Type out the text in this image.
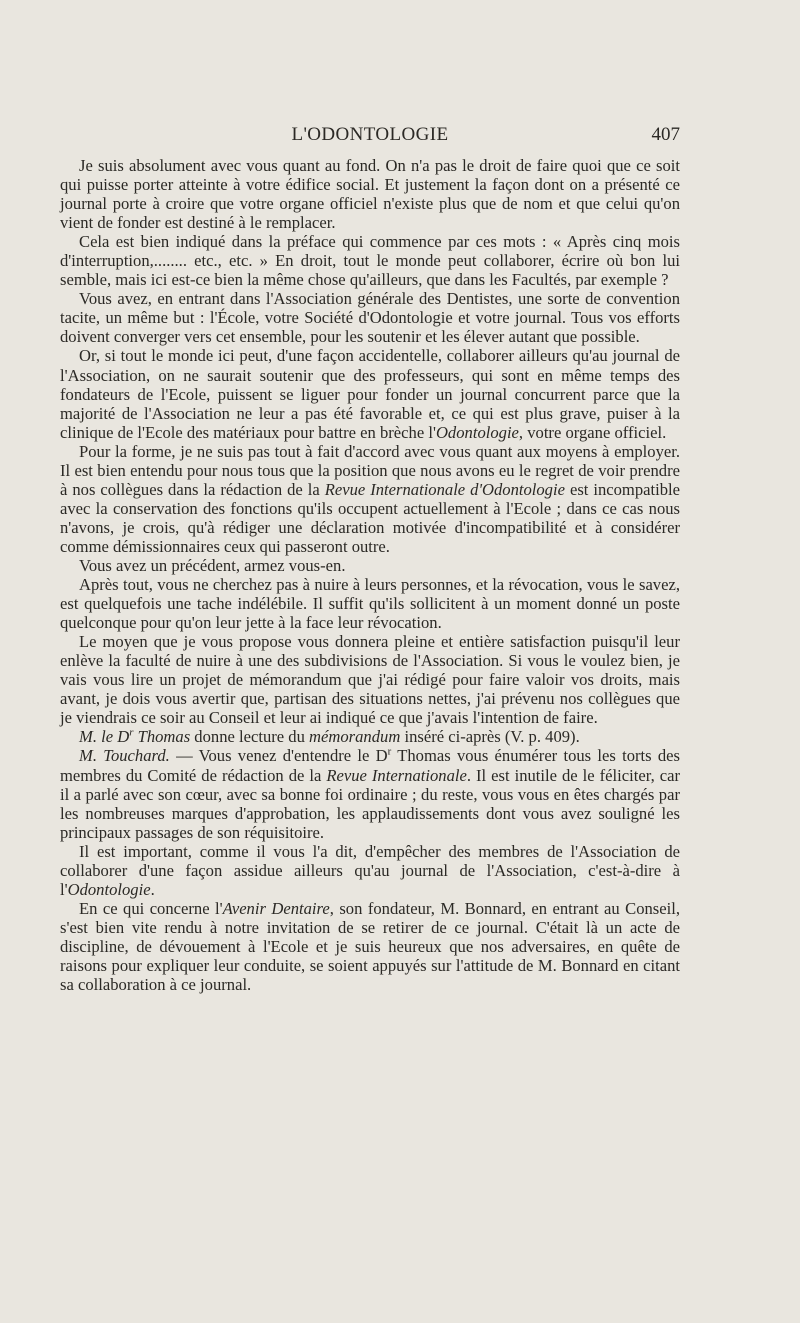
L'ODONTOLOGIE	407

Je suis absolument avec vous quant au fond. On n'a pas le droit de faire quoi que ce soit qui puisse porter atteinte à votre édifice social. Et justement la façon dont on a présenté ce journal porte à croire que votre organe officiel n'existe plus que de nom et que celui qu'on vient de fonder est destiné à le remplacer.

Cela est bien indiqué dans la préface qui commence par ces mots : « Après cinq mois d'interruption,........ etc., etc. » En droit, tout le monde peut collaborer, écrire où bon lui semble, mais ici est-ce bien la même chose qu'ailleurs, que dans les Facultés, par exemple ?

Vous avez, en entrant dans l'Association générale des Dentistes, une sorte de convention tacite, un même but : l'École, votre Société d'Odontologie et votre journal. Tous vos efforts doivent converger vers cet ensemble, pour les soutenir et les élever autant que possible.

Or, si tout le monde ici peut, d'une façon accidentelle, collaborer ailleurs qu'au journal de l'Association, on ne saurait soutenir que des professeurs, qui sont en même temps des fondateurs de l'Ecole, puissent se liguer pour fonder un journal concurrent parce que la majorité de l'Association ne leur a pas été favorable et, ce qui est plus grave, puiser à la clinique de l'Ecole des matériaux pour battre en brèche l'Odontologie, votre organe officiel.

Pour la forme, je ne suis pas tout à fait d'accord avec vous quant aux moyens à employer. Il est bien entendu pour nous tous que la position que nous avons eu le regret de voir prendre à nos collègues dans la rédaction de la Revue Internationale d'Odontologie est incompatible avec la conservation des fonctions qu'ils occupent actuellement à l'Ecole ; dans ce cas nous n'avons, je crois, qu'à rédiger une déclaration motivée d'incompatibilité et à considérer comme démissionnaires ceux qui passeront outre.

Vous avez un précédent, armez vous-en.

Après tout, vous ne cherchez pas à nuire à leurs personnes, et la révocation, vous le savez, est quelquefois une tache indélébile. Il suffit qu'ils sollicitent à un moment donné un poste quelconque pour qu'on leur jette à la face leur révocation.

Le moyen que je vous propose vous donnera pleine et entière satisfaction puisqu'il leur enlève la faculté de nuire à une des subdivisions de l'Association. Si vous le voulez bien, je vais vous lire un projet de mémorandum que j'ai rédigé pour faire valoir vos droits, mais avant, je dois vous avertir que, partisan des situations nettes, j'ai prévenu nos collègues que je viendrais ce soir au Conseil et leur ai indiqué ce que j'avais l'intention de faire.

M. le $D^r$ Thomas donne lecture du mémorandum inséré ci-après (V. p. 409).

M. Touchard. — Vous venez d'entendre le $D^r$ Thomas vous énumérer tous les torts des membres du Comité de rédaction de la Revue Internationale. Il est inutile de le féliciter, car il a parlé avec son cœur, avec sa bonne foi ordinaire ; du reste, vous vous en êtes chargés par les nombreuses marques d'approbation, les applaudissements dont vous avez souligné les principaux passages de son réquisitoire.

Il est important, comme il vous l'a dit, d'empêcher des membres de l'Association de collaborer d'une façon assidue ailleurs qu'au journal de l'Association, c'est-à-dire à l'Odontologie.

En ce qui concerne l'Avenir Dentaire, son fondateur, M. Bonnard, en entrant au Conseil, s'est bien vite rendu à notre invitation de se retirer de ce journal. C'était là un acte de discipline, de dévouement à l'Ecole et je suis heureux que nos adversaires, en quête de raisons pour expliquer leur conduite, se soient appuyés sur l'attitude de M. Bonnard en citant sa collaboration à ce journal.
